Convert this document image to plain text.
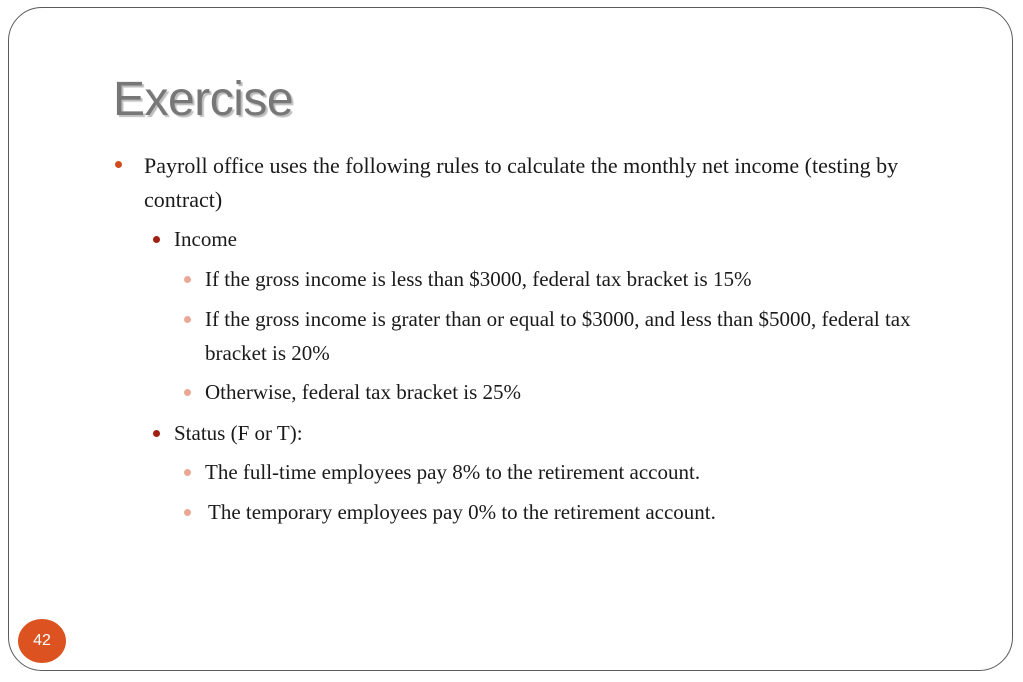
Exercise

Payroll office uses the following rules to calculate the monthly net income (testing by contract)

Income

If the gross income is less than $3000, federal tax bracket is 15%

If the gross income is grater than or equal to $3000, and less than $5000, federal tax bracket is 20%

Otherwise, federal tax bracket is 25%

Status (F or T):

The full-time employees pay 8% to the retirement account.

The temporary employees pay 0% to the retirement account.

42
